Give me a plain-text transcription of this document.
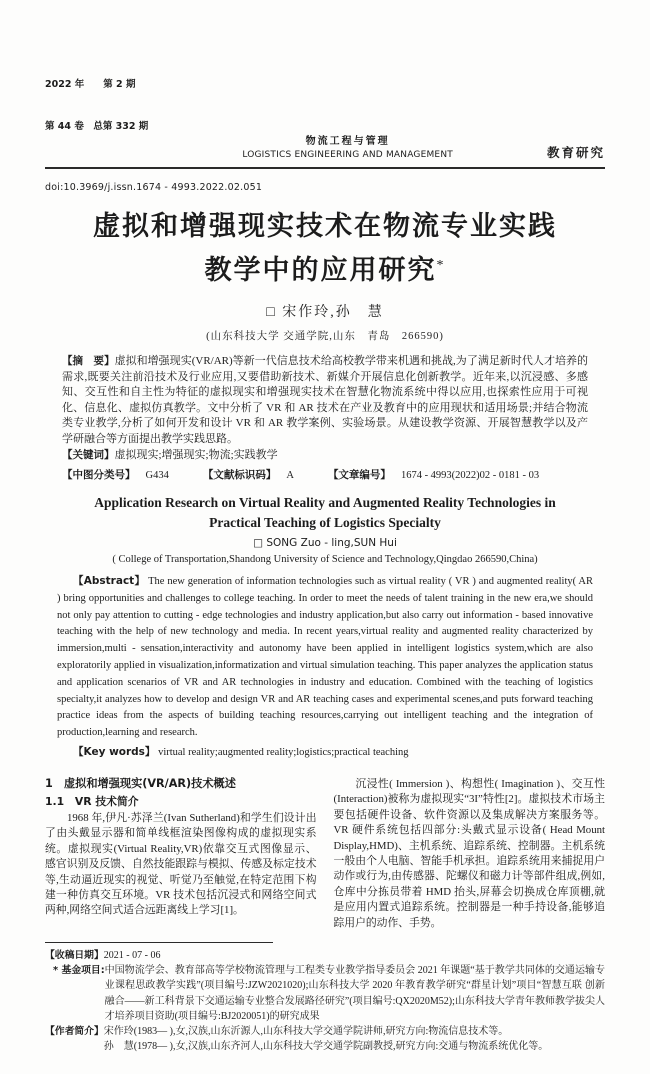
2022 年　　第 2 期

第 44 卷　总第 332 期

物流工程与管理
LOGISTICS ENGINEERING AND MANAGEMENT	教育研究
doi:10.3969/j.issn.1674 - 4993.2022.02.051
虚拟和增强现实技术在物流专业实践
教学中的应用研究*
□ 宋作玲,孙　慧
(山东科技大学 交通学院,山东　青岛　266590)
【摘　要】虚拟和增强现实(VR/AR)等新一代信息技术给高校教学带来机遇和挑战,为了满足新时代人才培养的需求,既要关注前沿技术及行业应用,又要借助新技术、新媒介开展信息化创新教学。近年来,以沉浸感、多感知、交互性和自主性为特征的虚拟现实和增强现实技术在智慧化物流系统中得以应用,也探索性应用于可视化、信息化、虚拟仿真教学。文中分析了 VR 和 AR 技术在产业及教育中的应用现状和适用场景;并结合物流类专业教学,分析了如何开发和设计 VR 和 AR 教学案例、实验场景。从建设教学资源、开展智慧教学以及产学研融合等方面提出教学实践思路。
【关键词】虚拟现实;增强现实;物流;实践教学
【中图分类号】 G434	【文献标识码】 A	【文章编号】 1674 - 4993(2022)02 - 0181 - 03
Application Research on Virtual Reality and Augmented Reality Technologies in
Practical Teaching of Logistics Specialty
□ SONG Zuo - ling,SUN Hui
( College of Transportation,Shandong University of Science and Technology,Qingdao 266590,China)
【Abstract】 The new generation of information technologies such as virtual reality ( VR ) and augmented reality( AR ) bring opportunities and challenges to college teaching. In order to meet the needs of talent training in the new era,we should not only pay attention to cutting - edge technologies and industry application,but also carry out information - based innovative teaching with the help of new technology and media. In recent years,virtual reality and augmented reality characterized by immersion,multi - sensation,interactivity and autonomy have been applied in intelligent logistics system,which are also exploratorily applied in visualization,informatization and virtual simulation teaching. This paper analyzes the application status and application scenarios of VR and AR technologies in industry and education. Combined with the teaching of logistics specialty,it analyzes how to develop and design VR and AR teaching cases and experimental scenes,and puts forward teaching practice ideas from the aspects of building teaching resources,carrying out intelligent teaching and the integration of production,learning and research.
【Key words】 virtual reality;augmented reality;logistics;practical teaching
1　虚拟和增强现实(VR/AR)技术概述
1.1　VR 技术简介

1968 年,伊凡·苏泽兰(Ivan Sutherland)和学生们设计出了由头戴显示器和简单线框渲染图像构成的虚拟现实系统。虚拟现实(Virtual Reality,VR)依靠交互式图像显示、感官识别及反馈、自然技能跟踪与模拟、传感及标定技术等,生动逼近现实的视觉、听觉乃至触觉,在特定范围下构建一种仿真交互环境。VR 技术包括沉浸式和网络空间式两种,网络空间式适合远距离线上学习[1]。

沉浸性( Immersion )、构想性( Imagination )、交互性(Interaction)被称为虚拟现实“3I”特性[2]。虚拟技术市场主要包括硬件设备、软件资源以及集成解决方案服务等。VR 硬件系统包括四部分:头戴式显示设备( Head Mount Display,HMD)、主机系统、追踪系统、控制器。主机系统一般由个人电脑、智能手机承担。追踪系统用来捕捉用户动作或行为,由传感器、陀螺仪和磁力计等部件组成,例如,仓库中分拣员带着 HMD 抬头,屏幕会切换成仓库顶棚,就是应用内置式追踪系统。控制器是一种手持设备,能够追踪用户的动作、手势。

【收稿日期】 2021 - 07 - 06
* 基金项目: 中国物流学会、教育部高等学校物流管理与工程类专业教学指导委员会 2021 年课题“基于教学共同体的交通运输专业课程思政教学实践”(项目编号:JZW2021020);山东科技大学 2020 年教育教学研究“群星计划”项目“智慧互联 创新融合——新工科背景下交通运输专业整合发展路径研究”(项目编号:QX2020M52);山东科技大学青年教师教学拔尖人才培养项目资助(项目编号:BJ2020051)的研究成果
【作者简介】 宋作玲(1983— ),女,汉族,山东沂源人,山东科技大学交通学院讲师,研究方向:物流信息技术等。
孙　慧(1978— ),女,汉族,山东齐河人,山东科技大学交通学院副教授,研究方向:交通与物流系统优化等。
